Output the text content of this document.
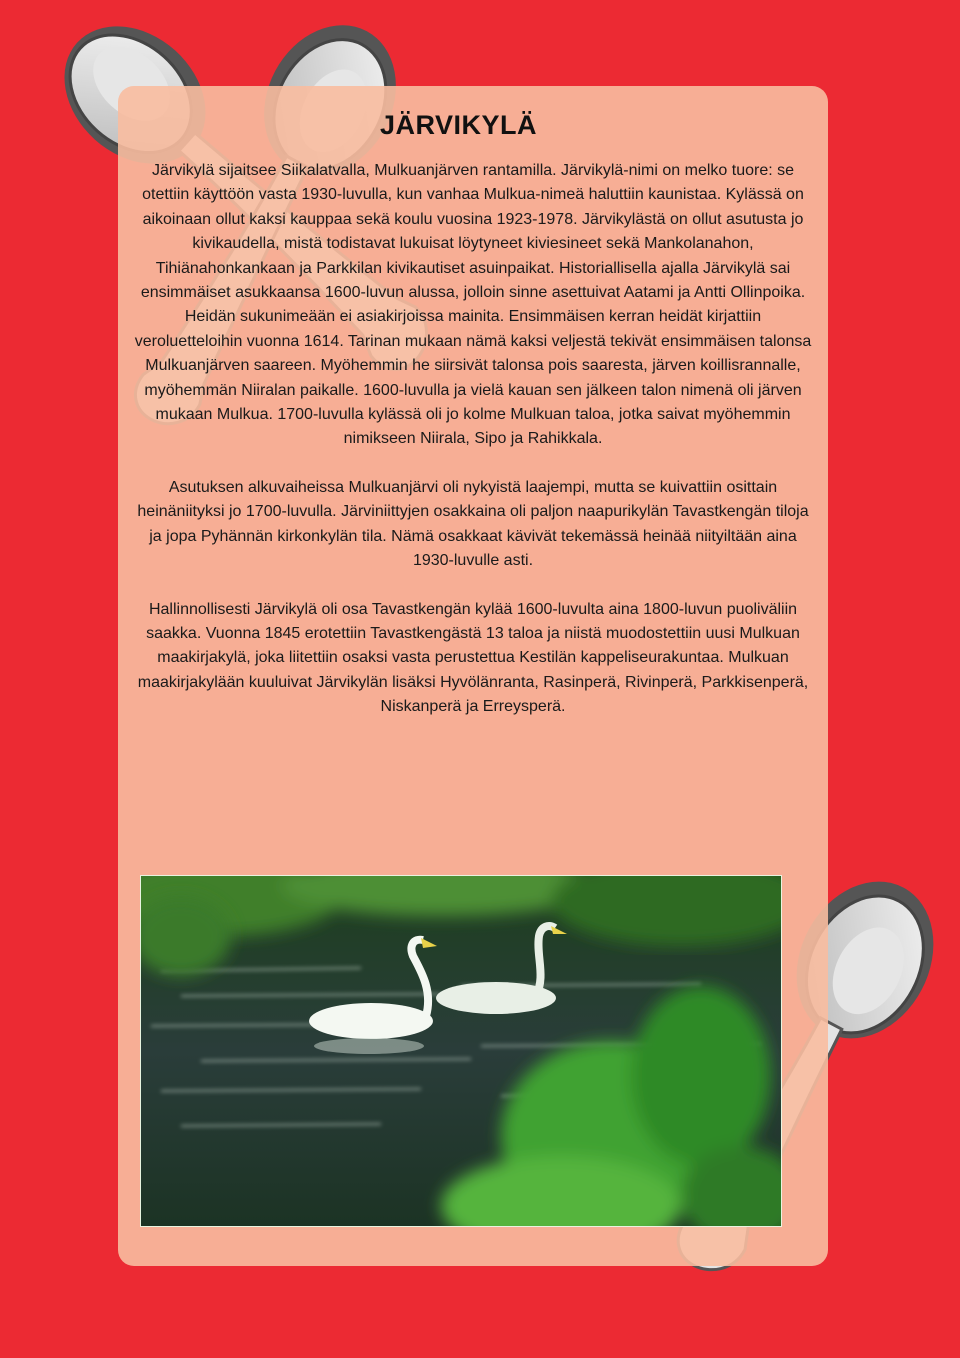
JÄRVIKYLÄ

Järvikylä sijaitsee Siikalatvalla, Mulkuanjärven rantamilla. Järvikylä-nimi on melko tuore: se otettiin käyttöön vasta 1930-luvulla, kun vanhaa Mulkua-nimeä haluttiin kaunistaa. Kylässä on aikoinaan ollut kaksi kauppaa sekä koulu vuosina 1923-1978. Järvikylästä on ollut asutusta jo kivikaudella, mistä todistavat lukuisat löytyneet kiviesineet sekä Mankolanahon, Tihiänahonkankaan ja Parkkilan kivikautiset asuinpaikat. Historiallisella ajalla Järvikylä sai ensimmäiset asukkaansa 1600-luvun alussa, jolloin sinne asettuivat Aatami ja Antti Ollinpoika. Heidän sukunimeään ei asiakirjoissa mainita. Ensimmäisen kerran heidät kirjattiin veroluetteloihin vuonna 1614. Tarinan mukaan nämä kaksi veljestä tekivät ensimmäisen talonsa Mulkuanjärven saareen. Myöhemmin he siirsivät talonsa pois saaresta, järven koillisrannalle, myöhemmän Niiralan paikalle. 1600-luvulla ja vielä kauan sen jälkeen talon nimenä oli järven mukaan Mulkua. 1700-luvulla kylässä oli jo kolme Mulkuan taloa, jotka saivat myöhemmin nimikseen Niirala, Sipo ja Rahikkala.

Asutuksen alkuvaiheissa Mulkuanjärvi oli nykyistä laajempi, mutta se kuivattiin osittain heinäniityksi jo 1700-luvulla. Järviniittyjen osakkaina oli paljon naapurikylän Tavastkengän tiloja ja jopa Pyhännän kirkonkylän tila. Nämä osakkaat kävivät tekemässä heinää niityiltään aina 1930-luvulle asti.

Hallinnollisesti Järvikylä oli osa Tavastkengän kylää 1600-luvulta aina 1800-luvun puoliväliin saakka. Vuonna 1845 erotettiin Tavastkengästä 13 taloa ja niistä muodostettiin uusi Mulkuan maakirjakylä, joka liitettiin osaksi vasta perustettua Kestilän kappeliseurakuntaa. Mulkuan maakirjakylään kuuluivat Järvikylän lisäksi Hyvölänranta, Rasinperä, Rivinperä, Parkkisenperä, Niskanperä ja Erreysperä.
